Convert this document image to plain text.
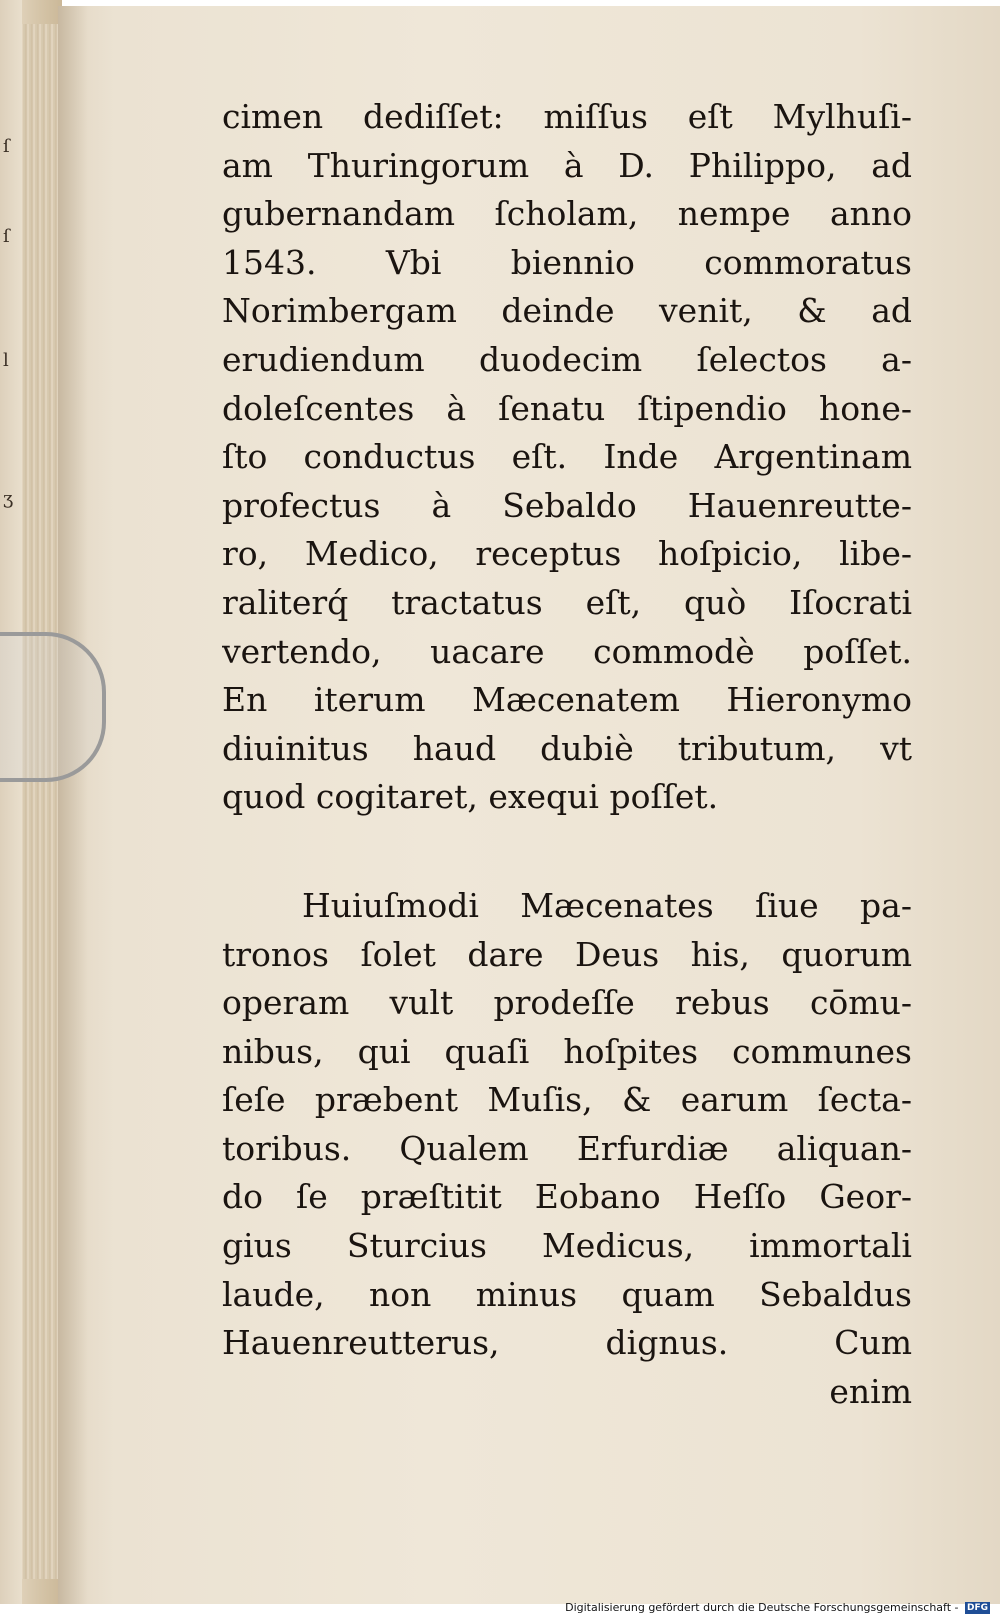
ſ
ſ
l
ʒ
cimen dediſſet: miſſus eſt Mylhuſi-
am Thuringorum à D. Philippo, ad
gubernandam ſcholam, nempe anno
1543. Vbi biennio commoratus
Norimbergam deinde venit, & ad
erudiendum duodecim ſelectos a-
doleſcentes à ſenatu ſtipendio hone-
ſto conductus eſt. Inde Argentinam
profectus à Sebaldo Hauenreutte-
ro, Medico, receptus hoſpicio, libe-
raliterq́ tractatus eſt, quò Iſocrati
vertendo, uacare commodè poſſet.
En iterum Mæcenatem Hieronymo
diuinitus haud dubiè tributum, vt
quod cogitaret, exequi poſſet.
Huiuſmodi Mæcenates ſiue pa-
tronos ſolet dare Deus his, quorum
operam vult prodeſſe rebus cōmu-
nibus, qui quaſi hoſpites communes
ſeſe præbent Muſis, & earum ſecta-
toribus. Qualem Erfurdiæ aliquan-
do ſe præſtitit Eobano Heſſo Geor-
gius Sturcius Medicus, immortali
laude, non minus quam Sebaldus
Hauenreutterus, dignus. Cum
enim
Digitalisierung gefördert durch die Deutsche Forschungsgemeinschaft - DFG
